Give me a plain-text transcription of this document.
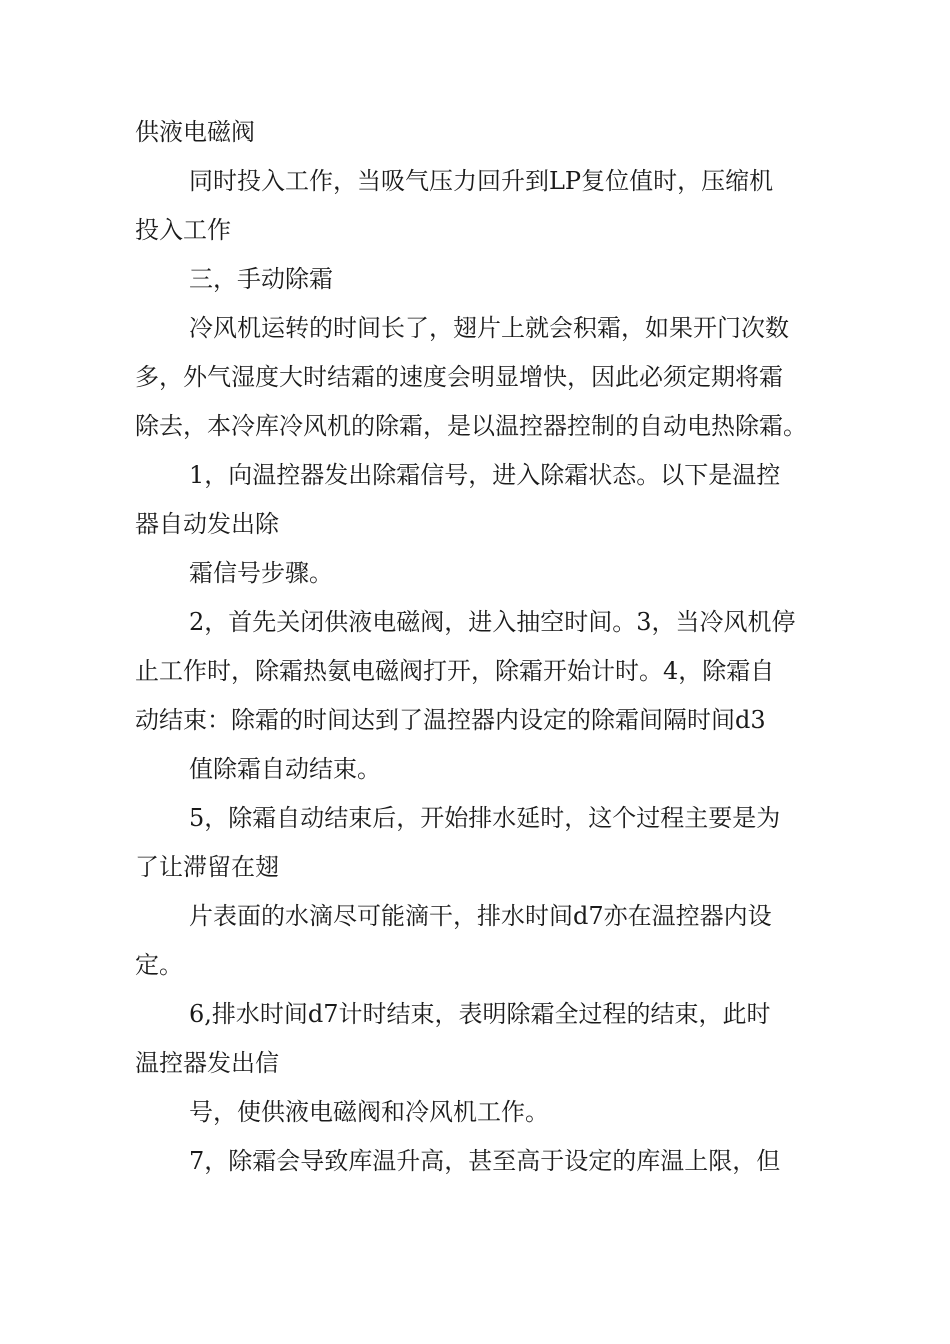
供液电磁阀
同时投入工作，当吸气压力回升到LP复位值时，压缩机
投入工作
三，手动除霜
冷风机运转的时间长了，翅片上就会积霜，如果开门次数
多，外气湿度大时结霜的速度会明显增快，因此必须定期将霜
除去，本冷库冷风机的除霜，是以温控器控制的自动电热除霜。
1，向温控器发出除霜信号，进入除霜状态。以下是温控
器自动发出除
霜信号步骤。
2，首先关闭供液电磁阀，进入抽空时间。3，当冷风机停
止工作时，除霜热氨电磁阀打开，除霜开始计时。4，除霜自
动结束：除霜的时间达到了温控器内设定的除霜间隔时间d3
值除霜自动结束。
5，除霜自动结束后，开始排水延时，这个过程主要是为
了让滞留在翅
片表面的水滴尽可能滴干，排水时间d7亦在温控器内设
定。
6,排水时间d7计时结束，表明除霜全过程的结束，此时
温控器发出信
号，使供液电磁阀和冷风机工作。
7，除霜会导致库温升高，甚至高于设定的库温上限，但
